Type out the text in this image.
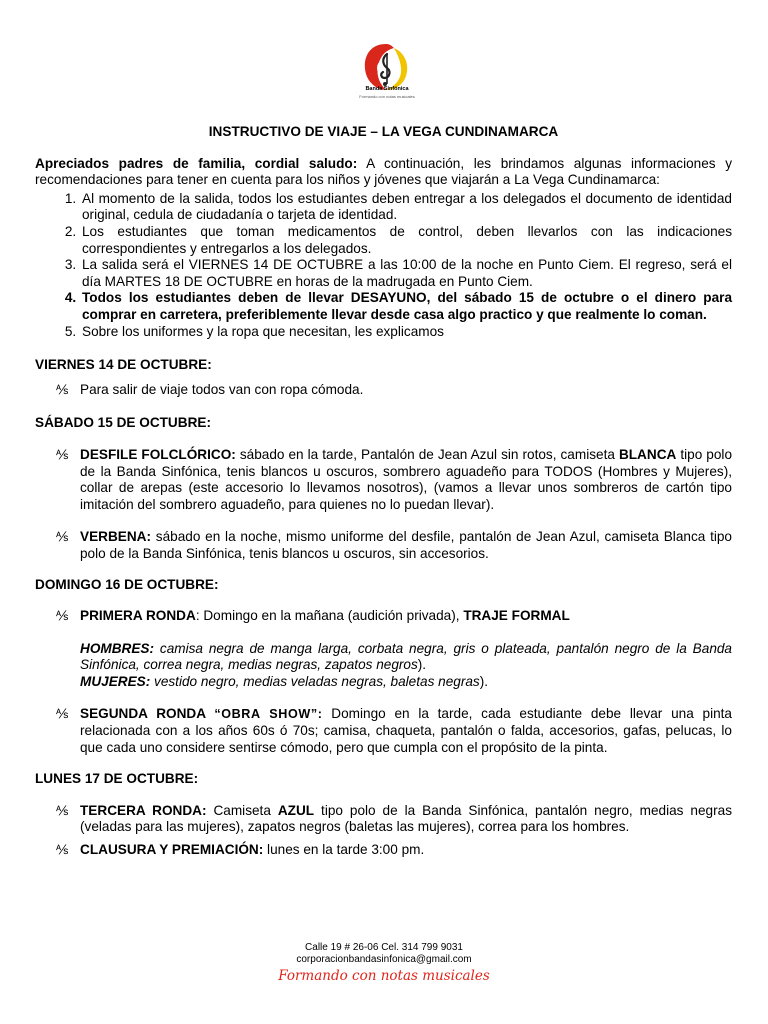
Banda Sinfónica
Formando con notas musicales

INSTRUCTIVO DE VIAJE – LA VEGA CUNDINAMARCA

Apreciados padres de familia, cordial saludo: A continuación, les brindamos algunas informaciones y recomendaciones para tener en cuenta para los niños y jóvenes que viajarán a La Vega Cundinamarca:

1. Al momento de la salida, todos los estudiantes deben entregar a los delegados el documento de identidad original, cedula de ciudadanía o tarjeta de identidad.
2. Los estudiantes que toman medicamentos de control, deben llevarlos con las indicaciones correspondientes y entregarlos a los delegados.
3. La salida será el VIERNES 14 DE OCTUBRE a las 10:00 de la noche en Punto Ciem. El regreso, será el día MARTES 18 DE OCTUBRE en horas de la madrugada en Punto Ciem.
4. Todos los estudiantes deben de llevar DESAYUNO, del sábado 15 de octubre o el dinero para comprar en carretera, preferiblemente llevar desde casa algo practico y que realmente lo coman.
5. Sobre los uniformes y la ropa que necesitan, les explicamos

VIERNES 14 DE OCTUBRE:

⅍ Para salir de viaje todos van con ropa cómoda.

SÁBADO 15 DE OCTUBRE:

⅍ DESFILE FOLCLÓRICO: sábado en la tarde, Pantalón de Jean Azul sin rotos, camiseta BLANCA tipo polo de la Banda Sinfónica, tenis blancos u oscuros, sombrero aguadeño para TODOS (Hombres y Mujeres), collar de arepas (este accesorio lo llevamos nosotros), (vamos a llevar unos sombreros de cartón tipo imitación del sombrero aguadeño, para quienes no lo puedan llevar).
⅍ VERBENA: sábado en la noche, mismo uniforme del desfile, pantalón de Jean Azul, camiseta Blanca tipo polo de la Banda Sinfónica, tenis blancos u oscuros, sin accesorios.

DOMINGO 16 DE OCTUBRE:

⅍ PRIMERA RONDA: Domingo en la mañana (audición privada), TRAJE FORMAL
HOMBRES: camisa negra de manga larga, corbata negra, gris o plateada, pantalón negro de la Banda Sinfónica, correa negra, medias negras, zapatos negros).
MUJERES: vestido negro, medias veladas negras, baletas negras).
⅍ SEGUNDA RONDA “OBRA SHOW”: Domingo en la tarde, cada estudiante debe llevar una pinta relacionada con a los años 60s ó 70s; camisa, chaqueta, pantalón o falda, accesorios, gafas, pelucas, lo que cada uno considere sentirse cómodo, pero que cumpla con el propósito de la pinta.

LUNES 17 DE OCTUBRE:

⅍ TERCERA RONDA: Camiseta AZUL tipo polo de la Banda Sinfónica, pantalón negro, medias negras (veladas para las mujeres), zapatos negros (baletas las mujeres), correa para los hombres.
⅍ CLAUSURA Y PREMIACIÓN: lunes en la tarde 3:00 pm.
Calle 19 # 26-06 Cel. 314 799 9031
corporacionbandasinfonica@gmail.com
Formando con notas musicales
